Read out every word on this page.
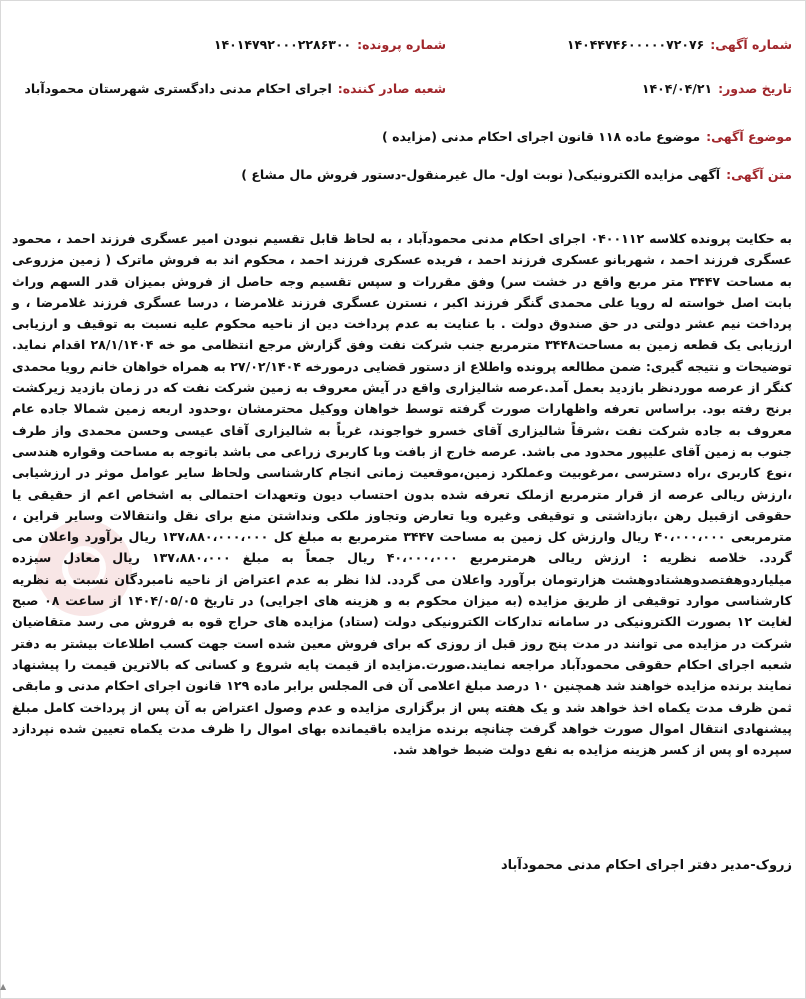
شماره آگهی:
۱۴۰۴۴۷۴۶۰۰۰۰۰۷۲۰۷۶
شماره پرونده:
۱۴۰۱۴۷۹۲۰۰۰۲۲۸۶۳۰۰
تاریخ صدور:
۱۴۰۴/۰۴/۲۱
شعبه صادر کننده:
اجرای احکام مدنی دادگستری شهرستان محمودآباد
موضوع آگهی:
موضوع ماده ۱۱۸ قانون اجرای احکام مدنی (مزایده )
متن آگهی:
آگهی مزایده الکترونیکی( نوبت اول- مال غیرمنقول-دستور فروش مال مشاع )

به حکایت پرونده کلاسه ۰۴۰۰۱۱۲ اجرای احکام مدنی محمودآباد ، به لحاظ قابل تقسیم نبودن امیر عسگری فرزند احمد ، محمود عسگری فرزند احمد ، شهربانو عسکری فرزند احمد ، فریده عسکری فرزند احمد ، محکوم اند به فروش ماترک ( زمین مزروعی به مساحت ۳۴۴۷ متر مربع واقع در خشت سر) وفق مقررات و سپس تقسیم وجه حاصل از فروش بمیزان قدر السهم وراث بابت اصل خواسته له رویا علی محمدی گنگر فرزند اکبر ، نسترن عسگری فرزند غلامرضا ، درسا عسگری فرزند غلامرضا ، و پرداخت نیم عشر دولتی در حق صندوق دولت . با عنایت به عدم پرداخت دین از ناحیه محکوم علیه نسبت به توقیف و ارزیابی ارزیابی یک قطعه زمین به مساحت۳۴۴۸ مترمربع جنب شرکت نفت وفق گزارش مرجع انتظامی مو خه ۲۸/۱/۱۴۰۴ اقدام نماید. توضیحات و نتیجه گیری: ضمن مطالعه پرونده واطلاع از دستور قضایی درمورخه ۲۷/۰۲/۱۴۰۴ به همراه خواهان خانم رویا محمدی کنگر از عرصه موردنظر بازدید بعمل آمد.عرصه شالیزاری واقع در آیش معروف به زمین شرکت نفت که در زمان بازدید زیرکشت برنج رفته بود. براساس تعرفه واظهارات صورت گرفته توسط خواهان ووکیل محترمشان ،وحدود اربعه زمین شمالا جاده عام معروف به جاده شرکت نفت ،شرقاً شالیزاری آقای خسرو خواجوند، غرباً به شالیزاری آقای عیسی وحسن محمدی واز طرف جنوب به زمین آقای علیپور محدود می باشد. عرصه خارج از بافت وبا کاربری زراعی می باشد باتوجه به مساحت وقواره هندسی ،نوع کاربری ،راه دسترسی ،مرغوبیت وعملکرد زمین،موقعیت زمانی انجام کارشناسی ولحاظ سایر عوامل موثر در ارزشیابی ،ارزش ریالی عرصه از قرار مترمربع ازملک تعرفه شده بدون احتساب دیون وتعهدات احتمالی به اشخاص اعم از حقیقی یا حقوقی ازقبیل رهن ،بازداشتی و توقیفی وغیره ویا تعارض وتجاوز ملکی ونداشتن منع برای نقل وانتقالات وسایر قراین ، مترمربعی ۴۰،۰۰۰،۰۰۰ ریال وارزش کل زمین به مساحت ۳۴۴۷ مترمربع به مبلغ کل ۱۳۷،۸۸۰،۰۰۰،۰۰۰ ریال برآورد واعلان می گردد. خلاصه نظریه : ارزش ریالی هرمترمربع ۴۰،۰۰۰،۰۰۰ ریال جمعاً به مبلغ ۱۳۷،۸۸۰،۰۰۰ ریال معادل سیزده میلیاردوهفتصدوهشتادوهشت هزارتومان برآورد واعلان می گردد. لذا نظر به عدم اعتراض از ناحیه نامبردگان نسبت به نظریه کارشناسی موارد توقیفی از طریق مزایده (به میزان محکوم به و هزینه های اجرایی) در تاریخ ۱۴۰۴/۰۵/۰۵ از ساعت ۰۸ صبح لغایت ۱۲ بصورت الکترونیکی در سامانه تدارکات الکترونیکی دولت (ستاد) مزایده های حراج قوه به فروش می رسد متقاضیان شرکت در مزایده می توانند در مدت پنج روز قبل از روزی که برای فروش معین شده است جهت کسب اطلاعات بیشتر به دفتر شعبه اجرای احکام حقوقی محمودآباد مراجعه نمایند.صورت.مزایده از قیمت پایه شروع و کسانی که بالاترین قیمت را پیشنهاد نمایند برنده مزایده خواهند شد همچنین ۱۰ درصد مبلغ اعلامی آن فی المجلس برابر ماده ۱۲۹ قانون اجرای احکام مدنی و مابقی ثمن ظرف مدت یکماه اخذ خواهد شد و یک هفته پس از برگزاری مزایده و عدم وصول اعتراض به آن پس از پرداخت کامل مبلغ پیشنهادی انتقال اموال صورت خواهد گرفت چنانچه برنده مزایده باقیمانده بهای اموال را ظرف مدت یکماه تعیین شده نپردازد سپرده او پس از کسر هزینه مزایده به نفع دولت ضبط خواهد شد.

زروک-مدیر دفتر اجرای احکام مدنی محمودآباد
▲
